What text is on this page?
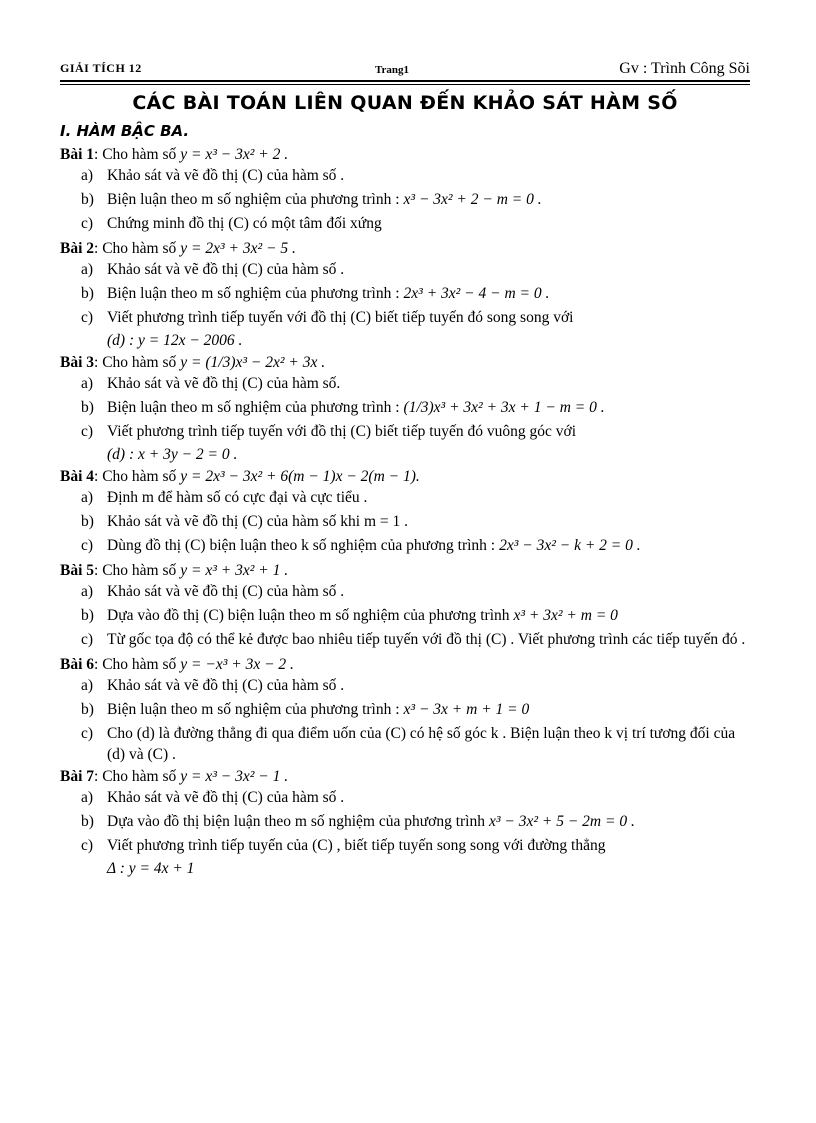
GIẢI TÍCH 12	Trang1	Gv : Trình Công Sõi
CÁC BÀI TOÁN LIÊN QUAN ĐẾN KHẢO SÁT HÀM SỐ
I. HÀM BẬC BA.
Bài 1 : Cho hàm số y = x³ − 3x² + 2 .
a) Khảo sát và vẽ đồ thị (C) của hàm số .
b) Biện luận theo m số nghiệm của phương trình : x³ − 3x² + 2 − m = 0 .
c) Chứng minh đồ thị (C) có một tâm đối xứng
Bài 2 : Cho hàm số y = 2x³ + 3x² − 5 .
a) Khảo sát và vẽ đồ thị (C) của hàm số .
b) Biện luận theo m số nghiệm của phương trình : 2x³ + 3x² − 4 − m = 0 .
c) Viết phương trình tiếp tuyến với đồ thị (C) biết tiếp tuyến đó song song với
(d) : y = 12x − 2006 .
Bài 3 : Cho hàm số y = (1/3)x³ − 2x² + 3x .
a) Khảo sát và vẽ đồ thị (C) của hàm số.
b) Biện luận theo m số nghiệm của phương trình : (1/3)x³ + 3x² + 3x + 1 − m = 0 .
c) Viết phương trình tiếp tuyến với đồ thị (C) biết tiếp tuyến đó vuông góc với
(d) : x + 3y − 2 = 0 .
Bài 4 : Cho hàm số y = 2x³ − 3x² + 6(m − 1)x − 2(m − 1).
a) Định m để hàm số có cực đại và cực tiểu .
b) Khảo sát và vẽ đồ thị (C) của hàm số khi m = 1 .
c) Dùng đồ thị (C) biện luận theo k số nghiệm của phương trình : 2x³ − 3x² − k + 2 = 0 .
Bài 5 : Cho hàm số y = x³ + 3x² + 1 .
a) Khảo sát và vẽ đồ thị (C) của hàm số .
b) Dựa vào đồ thị (C) biện luận theo m số nghiệm của phương trình x³ + 3x² + m = 0
c) Từ gốc tọa độ có thể kẻ được bao nhiêu tiếp tuyến với đồ thị (C) . Viết phương trình các tiếp tuyến đó .
Bài 6 : Cho hàm số y = −x³ + 3x − 2 .
a) Khảo sát và vẽ đồ thị (C) của hàm số .
b) Biện luận theo m số nghiệm của phương trình : x³ − 3x + m + 1 = 0
c) Cho (d) là đường thẳng đi qua điểm uốn của (C) có hệ số góc k . Biện luận theo k vị trí tương đối của (d) và (C) .
Bài 7 : Cho hàm số y = x³ − 3x² − 1 .
a) Khảo sát và vẽ đồ thị (C) của hàm số .
b) Dựa vào đồ thị biện luận theo m số nghiệm của phương trình x³ − 3x² + 5 − 2m = 0 .
c) Viết phương trình tiếp tuyến của (C) , biết tiếp tuyến song song với đường thẳng
Δ : y = 4x + 1
